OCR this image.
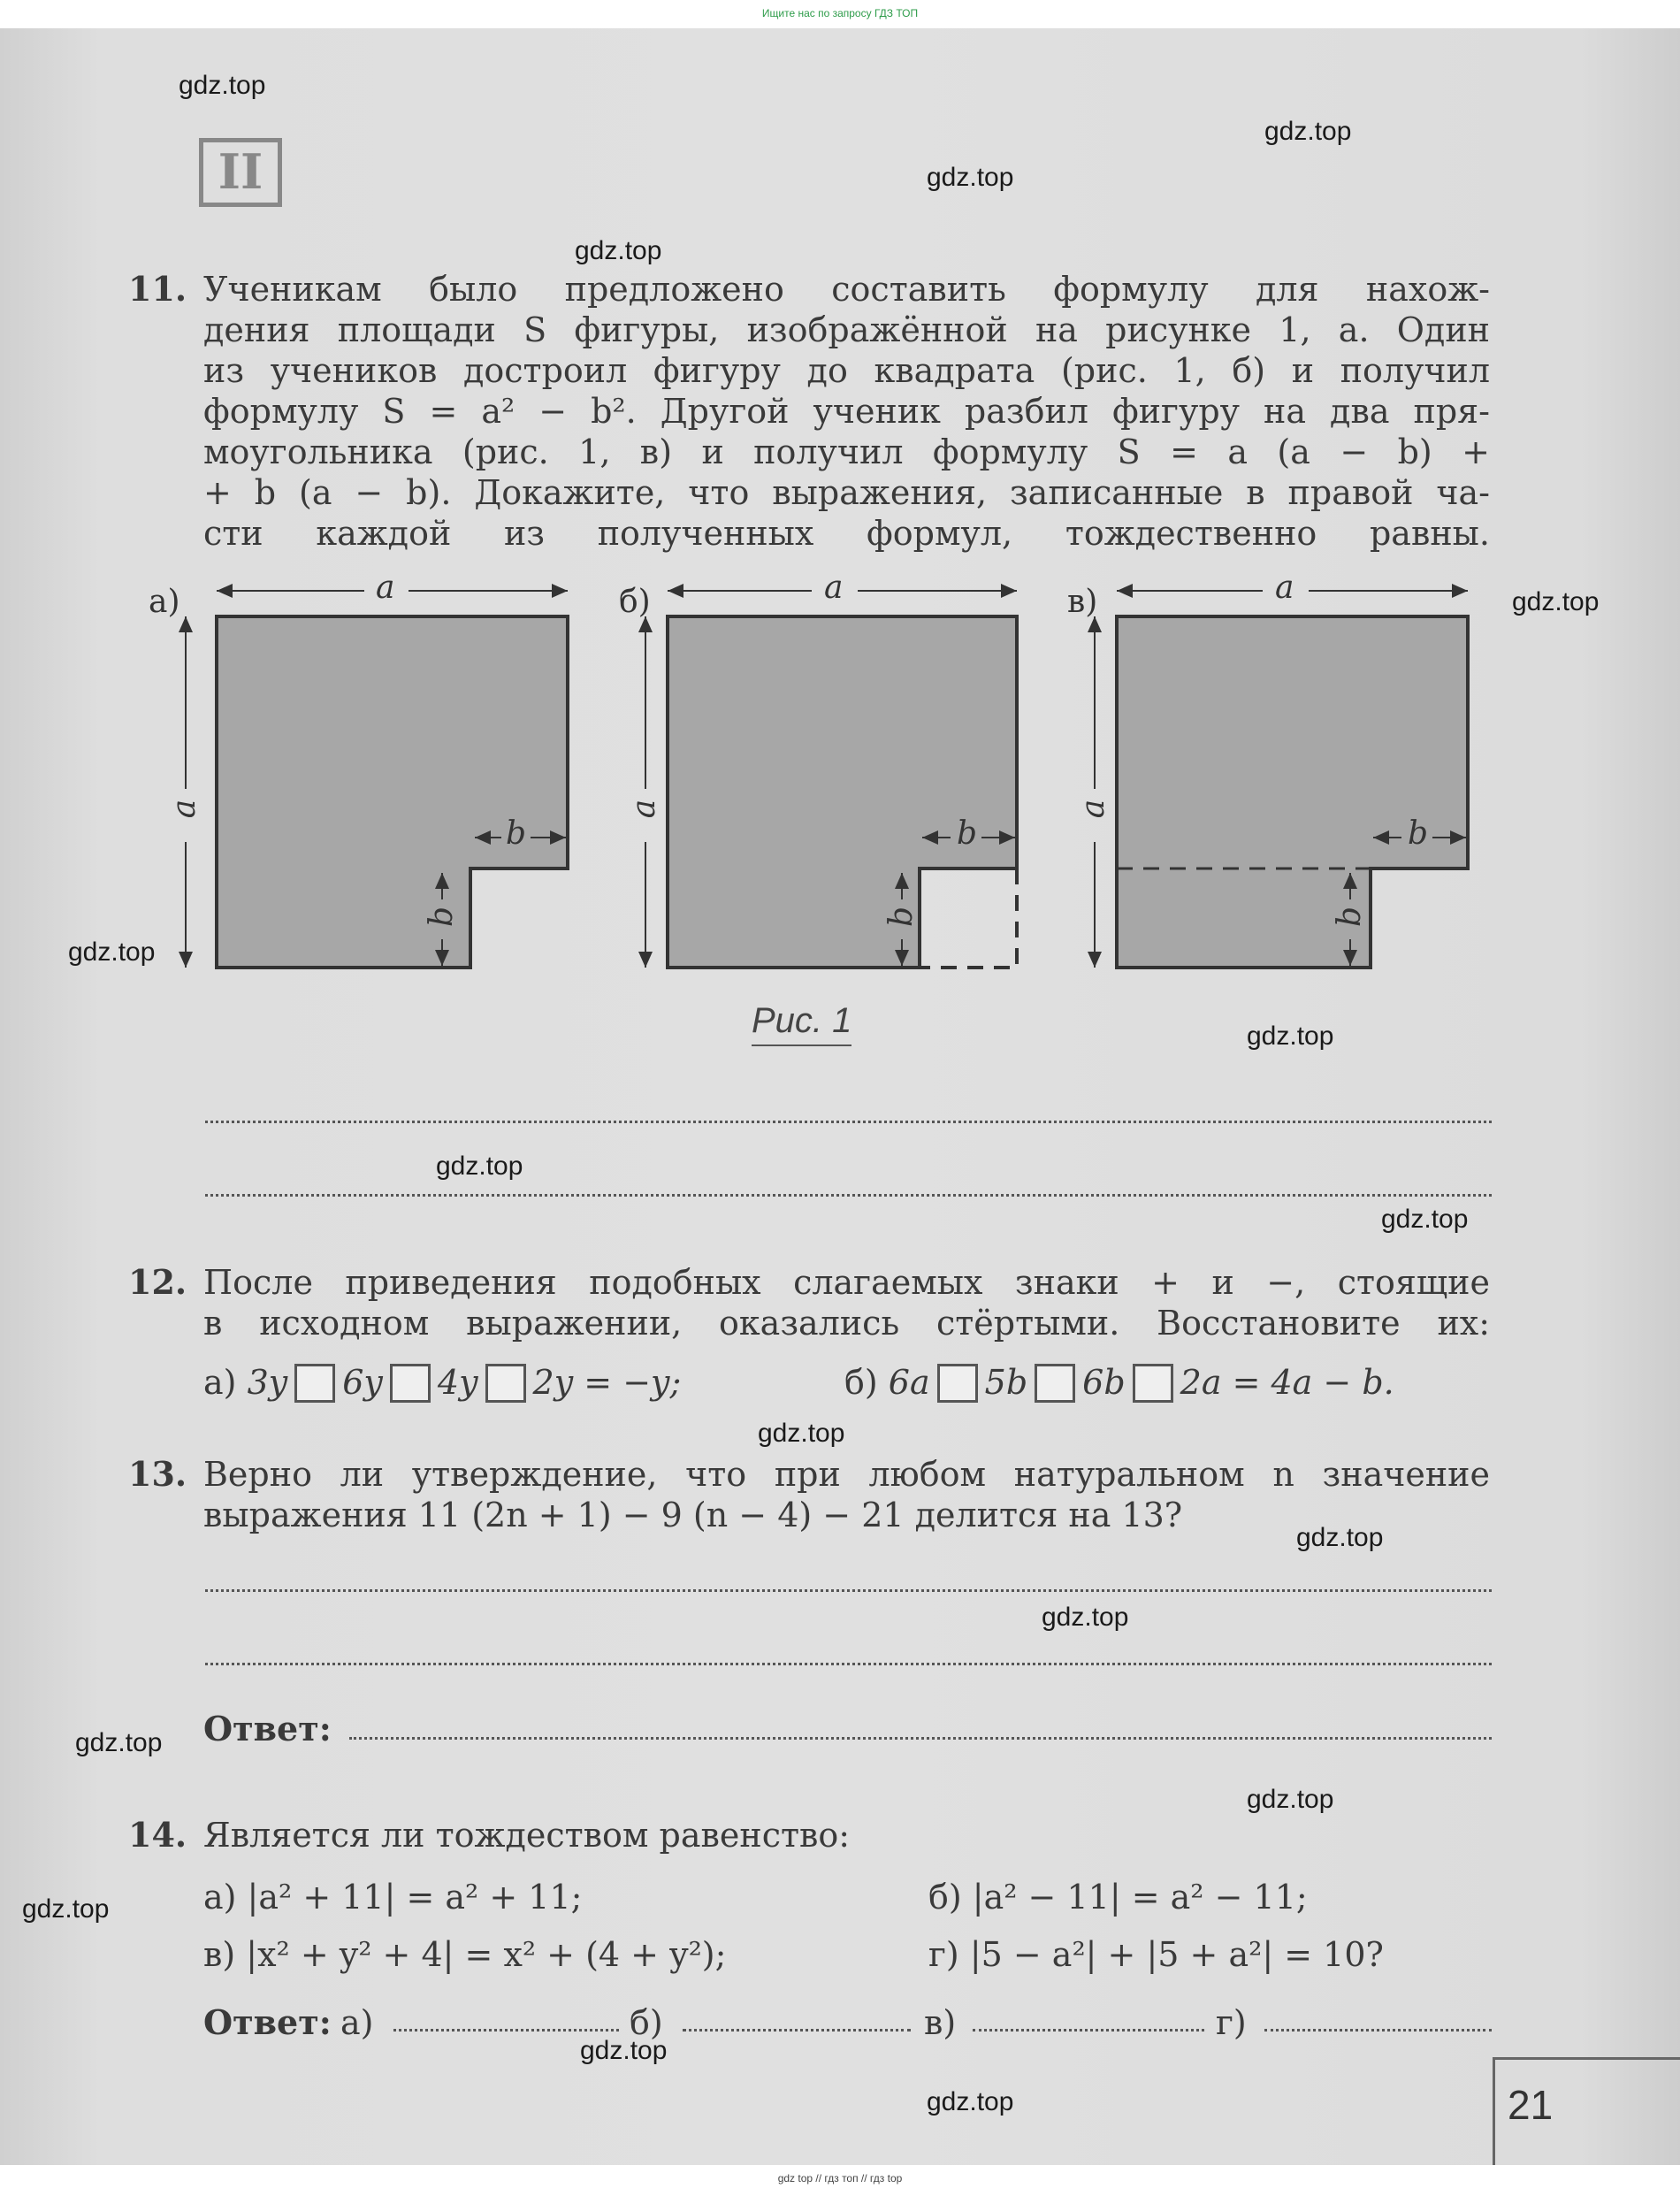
Ищите нас по запросу ГДЗ ТОП
gdz.top
gdz.top
gdz.top
gdz.top
gdz.top
gdz.top
gdz.top
gdz.top
gdz.top
gdz.top
gdz.top
gdz.top
gdz.top
gdz.top
gdz.top
gdz.top
gdz.top
II
11. Ученикам было предложено составить формулу для нахож-
дения площади S фигуры, изображённой на рисунке 1, a. Один
из учеников достроил фигуру до квадрата (рис. 1, б) и получил
формулу S = a² − b². Другой ученик разбил фигуру на два пря-
моугольника (рис. 1, в) и получил формулу S = a (a − b) +
+ b (a − b). Докажите, что выражения, записанные в правой ча-
сти каждой из полученных формул, тождественно равны.
а)	б)	в)
a	a	a
a	a	a
b	b	b
b	b	b
Рис. 1
12. После приведения подобных слагаемых знаки + и −, стоящие
в исходном выражении, оказались стёртыми. Восстановите их:
а) 3y 6y 4y 2y = −y;	б) 6a 5b 6b 2a = 4a − b.
13. Верно ли утверждение, что при любом натуральном n значение
выражения 11 (2n + 1) − 9 (n − 4) − 21 делится на 13?
Ответ:
14. Является ли тождеством равенство:
а) |a² + 11| = a² + 11;	б) |a² − 11| = a² − 11;
в) |x² + y² + 4| = x² + (4 + y²);	г) |5 − a²| + |5 + a²| = 10?
Ответ: а)	б)	в)	г)
21
gdz top // гдз топ // гдз top
